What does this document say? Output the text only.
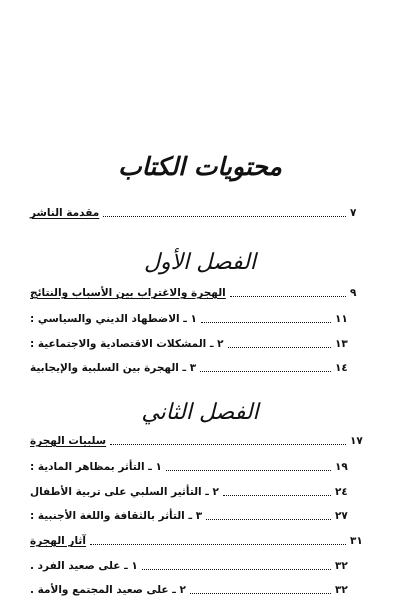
محتويات الكتاب
مقدمة الناشر	٧
الفصل الأول
الهجرة والاغتراب بين الأسباب والنتائج	٩
١ ـ الاضطهاد الديني والسياسي :	١١
٢ ـ المشكلات الاقتصادية والاجتماعية :	١٣
٣ ـ الهجرة بين السلبية والإيجابية	١٤
الفصل الثاني
سلبيات الهجرة	١٧
١ ـ التأثر بمظاهر المادية :	١٩
٢ ـ التأثير السلبي على تربية الأطفال	٢٤
٣ ـ التأثر بالثقافة واللغة الأجنبية :	٢٧
آثار الهجرة	٣١
١ ـ على صعيد الفرد .	٣٢
٢ ـ على صعيد المجتمع والأمة .	٣٢
